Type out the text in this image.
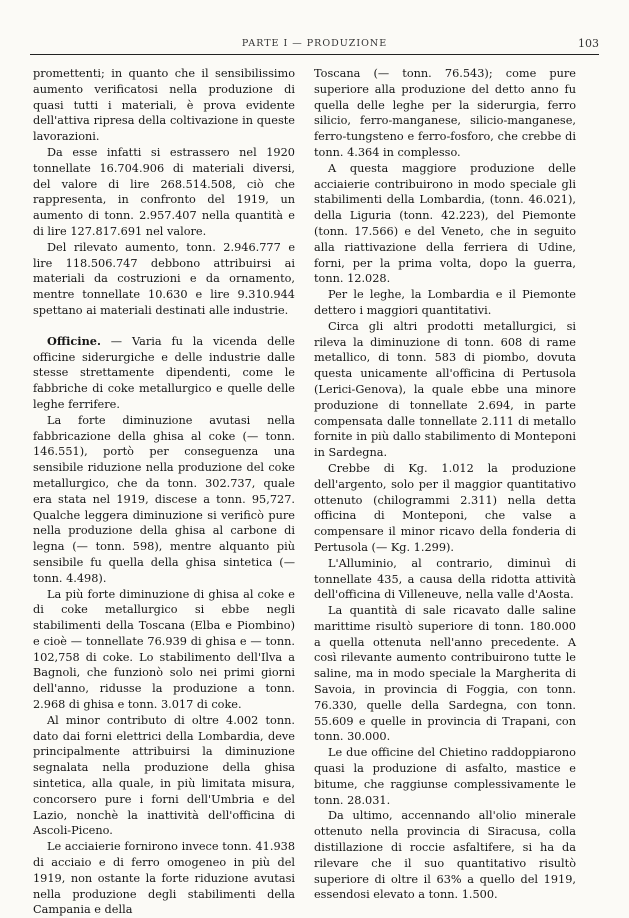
PARTE I — PRODUZIONE	103

promettenti; in quanto che il sensibilissimo aumento verificatosi nella produzione di quasi tutti i materiali, è prova evidente dell'attiva ripresa della coltivazione in queste lavorazioni.

Da esse infatti si estrassero nel 1920 tonnellate 16.704.906 di materiali diversi, del valore di lire 268.514.508, ciò che rappresenta, in confronto del 1919, un aumento di tonn. 2.957.407 nella quantità e di lire 127.817.691 nel valore.

Del rilevato aumento, tonn. 2.946.777 e lire 118.506.747 debbono attribuirsi ai materiali da costruzioni e da ornamento, mentre tonnellate 10.630 e lire 9.310.944 spettano ai materiali destinati alle industrie.

Officine. — Varia fu la vicenda delle officine siderurgiche e delle industrie dalle stesse strettamente dipendenti, come le fabbriche di coke metallurgico e quelle delle leghe ferrifere.

La forte diminuzione avutasi nella fabbricazione della ghisa al coke (— tonn. 146.551), portò per conseguenza una sensibile riduzione nella produzione del coke metallurgico, che da tonn. 302.737, quale era stata nel 1919, discese a tonn. 95,727. Qualche leggera diminuzione si verificò pure nella produzione della ghisa al carbone di legna (— tonn. 598), mentre alquanto più sensibile fu quella della ghisa sintetica (— tonn. 4.498).

La più forte diminuzione di ghisa al coke e di coke metallurgico si ebbe negli stabilimenti della Toscana (Elba e Piombino) e cioè — tonnellate 76.939 di ghisa e — tonn. 102,758 di coke. Lo stabilimento dell'Ilva a Bagnoli, che funzionò solo nei primi giorni dell'anno, ridusse la produzione a tonn. 2.968 di ghisa e tonn. 3.017 di coke.

Al minor contributo di oltre 4.002 tonn. dato dai forni elettrici della Lombardia, deve principalmente attribuirsi la diminuzione segnalata nella produzione della ghisa sintetica, alla quale, in più limitata misura, concorsero pure i forni dell'Umbria e del Lazio, nonchè la inattività dell'officina di Ascoli-Piceno.

Le acciaierie fornirono invece tonn. 41.938 di acciaio e di ferro omogeneo in più del 1919, non ostante la forte riduzione avutasi nella produzione degli stabilimenti della Campania e della

Toscana (— tonn. 76.543); come pure superiore alla produzione del detto anno fu quella delle leghe per la siderurgia, ferro silicio, ferro-manganese, silicio-manganese, ferro-tungsteno e ferro-fosforo, che crebbe di tonn. 4.364 in complesso.

A questa maggiore produzione delle acciaierie contribuirono in modo speciale gli stabilimenti della Lombardia, (tonn. 46.021), della Liguria (tonn. 42.223), del Piemonte (tonn. 17.566) e del Veneto, che in seguito alla riattivazione della ferriera di Udine, forni, per la prima volta, dopo la guerra, tonn. 12.028.

Per le leghe, la Lombardia e il Piemonte dettero i maggiori quantitativi.

Circa gli altri prodotti metallurgici, si rileva la diminuzione di tonn. 608 di rame metallico, di tonn. 583 di piombo, dovuta questa unicamente all'officina di Pertusola (Lerici-Genova), la quale ebbe una minore produzione di tonnellate 2.694, in parte compensata dalle tonnellate 2.111 di metallo fornite in più dallo stabilimento di Monteponi in Sardegna.

Crebbe di Kg. 1.012 la produzione dell'argento, solo per il maggior quantitativo ottenuto (chilogrammi 2.311) nella detta officina di Monteponi, che valse a compensare il minor ricavo della fonderia di Pertusola (— Kg. 1.299).

L'Alluminio, al contrario, diminuì di tonnellate 435, a causa della ridotta attività dell'officina di Villeneuve, nella valle d'Aosta.

La quantità di sale ricavato dalle saline marittime risultò superiore di tonn. 180.000 a quella ottenuta nell'anno precedente. A così rilevante aumento contribuirono tutte le saline, ma in modo speciale la Margherita di Savoia, in provincia di Foggia, con tonn. 76.330, quelle della Sardegna, con tonn. 55.609 e quelle in provincia di Trapani, con tonn. 30.000.

Le due officine del Chietino raddoppiarono quasi la produzione di asfalto, mastice e bitume, che raggiunse complessivamente le tonn. 28.031.

Da ultimo, accennando all'olio minerale ottenuto nella provincia di Siracusa, colla distillazione di roccie asfaltifere, si ha da rilevare che il suo quantitativo risultò superiore di oltre il 63% a quello del 1919, essendosi elevato a tonn. 1.500.
